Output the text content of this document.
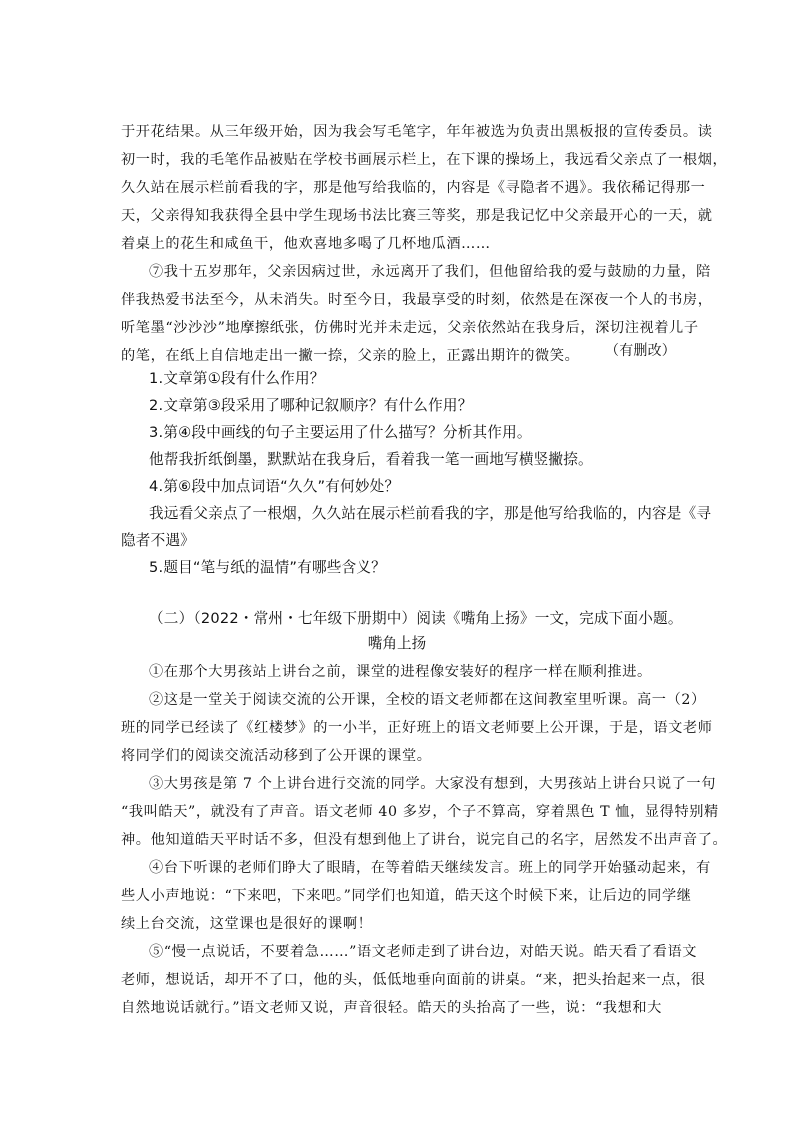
于开花结果。从三年级开始，因为我会写毛笔字，年年被选为负责出黑板报的宣传委员。读
初一时，我的毛笔作品被贴在学校书画展示栏上，在下课的操场上，我远看父亲点了一根烟，
久久站在展示栏前看我的字，那是他写给我临的，内容是《寻隐者不遇》。我依稀记得那一
天，父亲得知我获得全县中学生现场书法比赛三等奖，那是我记忆中父亲最开心的一天，就
着桌上的花生和咸鱼干，他欢喜地多喝了几杯地瓜酒……
⑦我十五岁那年，父亲因病过世，永远离开了我们，但他留给我的爱与鼓励的力量，陪
伴我热爱书法至今，从未消失。时至今日，我最享受的时刻，依然是在深夜一个人的书房，
听笔墨“沙沙沙”地摩擦纸张，仿佛时光并未走远，父亲依然站在我身后，深切注视着儿子
的笔，在纸上自信地走出一撇一捺，父亲的脸上，正露出期许的微笑。 （有删改）
1.文章第①段有什么作用？
2.文章第③段采用了哪种记叙顺序？有什么作用？
3.第④段中画线的句子主要运用了什么描写？分析其作用。
他帮我折纸倒墨，默默站在我身后，看着我一笔一画地写横竖撇捺。
4.第⑥段中加点词语“久久”有何妙处？
我远看父亲点了一根烟，久久站在展示栏前看我的字，那是他写给我临的，内容是《寻
隐者不遇》
5.题目“笔与纸的温情”有哪些含义？
（二）（2022・常州・七年级下册期中）阅读《嘴角上扬》一文，完成下面小题。
嘴角上扬
①在那个大男孩站上讲台之前，课堂的进程像安装好的程序一样在顺利推进。
②这是一堂关于阅读交流的公开课，全校的语文老师都在这间教室里听课。高一（2）
班的同学已经读了《红楼梦》的一小半，正好班上的语文老师要上公开课，于是，语文老师
将同学们的阅读交流活动移到了公开课的课堂。
③大男孩是第 7 个上讲台进行交流的同学。大家没有想到，大男孩站上讲台只说了一句
“我叫皓天”，就没有了声音。语文老师 40 多岁，个子不算高，穿着黑色 T 恤，显得特别精
神。他知道皓天平时话不多，但没有想到他上了讲台，说完自己的名字，居然发不出声音了。
④台下听课的老师们睁大了眼睛，在等着皓天继续发言。班上的同学开始骚动起来，有
些人小声地说：“下来吧，下来吧。”同学们也知道，皓天这个时候下来，让后边的同学继
续上台交流，这堂课也是很好的课啊！
⑤“慢一点说话，不要着急……”语文老师走到了讲台边，对皓天说。皓天看了看语文
老师，想说话，却开不了口，他的头，低低地垂向面前的讲桌。“来，把头抬起来一点，很
自然地说话就行。”语文老师又说，声音很轻。皓天的头抬高了一些，说：“我想和大
